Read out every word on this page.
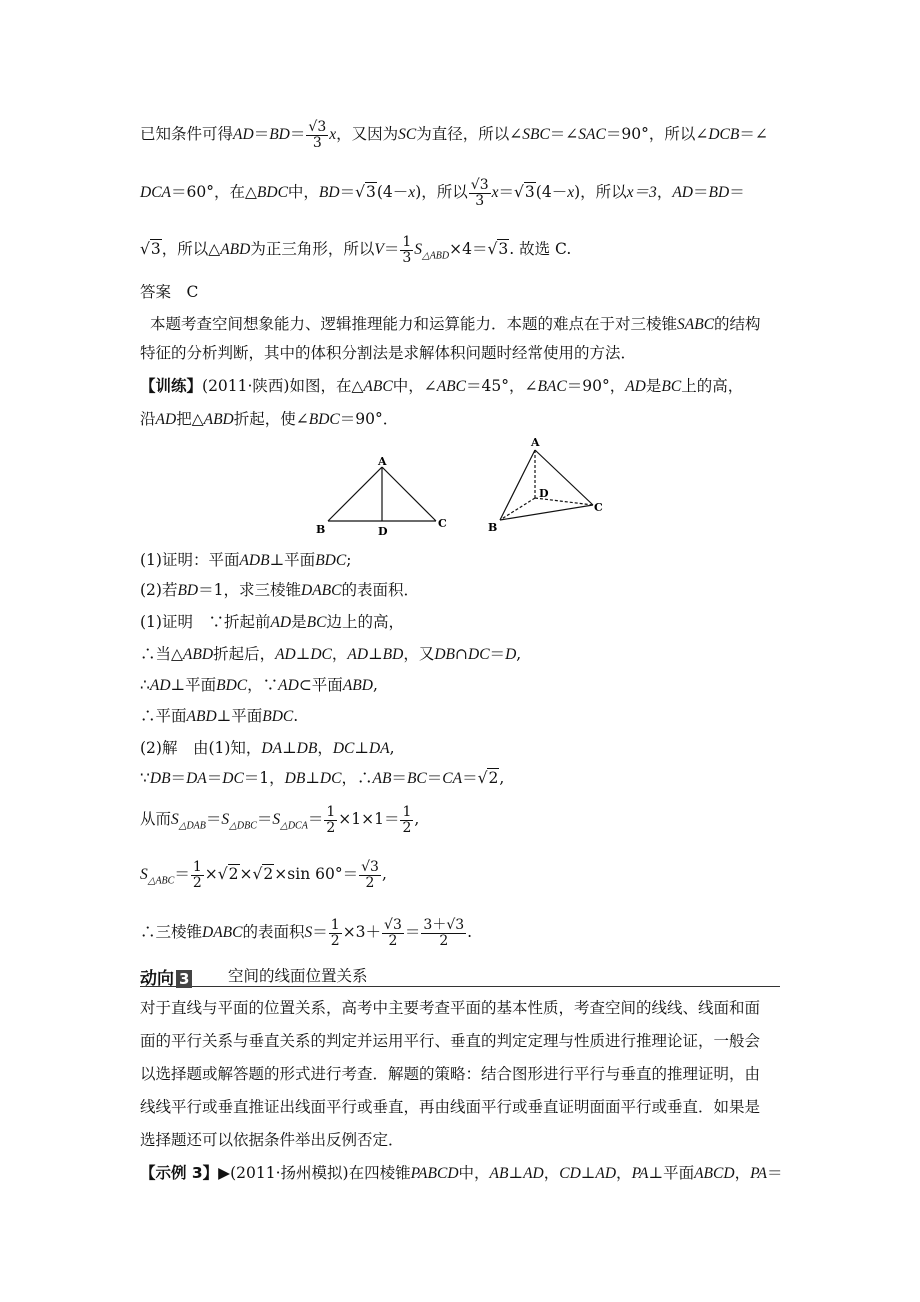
已知条件可得$AD=BD= \frac{√3}{3}$ x，又因为SC为直径，所以∠SBC＝∠SAC＝90°，所以∠DCB＝∠
DCA＝60°，在△BDC中，BD＝√3(4－x)，所以 $\frac{√3}{3} x=√3(4-x)$，所以x＝3，AD＝BD＝
√3，所以△ABD为正三角形，所以$V= \frac{1}{3} S_{\triangle ABD}\times 4=√3$. 故选 C.
答案　C
本题考查空间想象能力、逻辑推理能力和运算能力．本题的难点在于对三棱锥SABC的结构
特征的分析判断，其中的体积分割法是求解体积问题时经常使用的方法．
【训练】(2011·陕西)如图，在△ABC中，∠ABC＝45°，∠BAC＝90°，AD是BC上的高，
沿AD把△ABD折起，使∠BDC＝90°．
A
B	C
D
A
B
C
D
(1)证明：平面ADB⊥平面BDC;
(2)若BD＝1，求三棱锥DABC的表面积．
(1)证明　∵折起前AD是BC边上的高，
∴当△ABD折起后，AD⊥DC，AD⊥BD，又DB∩DC＝D,
∴AD⊥平面BDC，∵AD⊂平面ABD,
∴平面ABD⊥平面BDC.
(2)解　由(1)知，DA⊥DB，DC⊥DA,
∵DB＝DA＝DC＝1，DB⊥DC，∴AB＝BC＝CA＝√2,
从而$S_{\triangle DAB}=S_{\triangle DBC}=S_{\triangle DCA}= \frac{1}{2} \times 1\times 1= \frac{1}{2}$ ,
$S_{\triangle ABC}= \frac{1}{2} \times√2\times√2\times\sin$ $60^\circ= \frac{√3}{2}$ ,
∴三棱锥DABC的表面积$S= \frac{1}{2} \times 3+ \frac{√3}{2} = \frac{3+√3}{2}$ .
动向 3 空间的线面位置关系
对于直线与平面的位置关系，高考中主要考查平面的基本性质，考查空间的线线、线面和面
面的平行关系与垂直关系的判定并运用平行、垂直的判定定理与性质进行推理论证，一般会
以选择题或解答题的形式进行考查．解题的策略：结合图形进行平行与垂直的推理证明，由
线线平行或垂直推证出线面平行或垂直，再由线面平行或垂直证明面面平行或垂直．如果是
选择题还可以依据条件举出反例否定．
【示例 3】▶(2011·扬州模拟)在四棱锥PABCD中，AB⊥AD，CD⊥AD，PA⊥平面ABCD，PA＝
